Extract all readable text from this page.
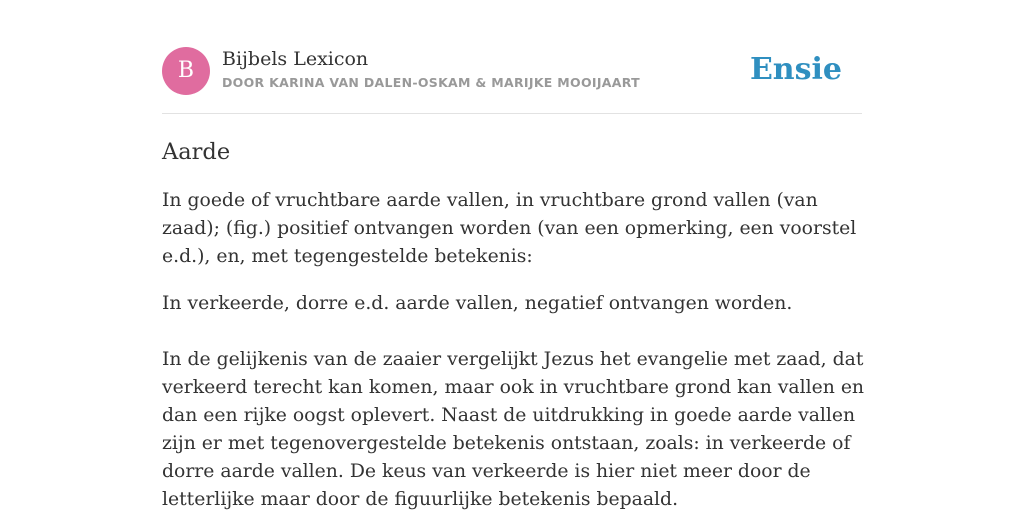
B	Bijbels Lexicon
DOOR KARINA VAN DALEN-OSKAM & MARIJKE MOOIJAART	Ensie
Aarde

In goede of vruchtbare aarde vallen, in vruchtbare grond vallen (van zaad); (fig.) positief ontvangen worden (van een opmerking, een voorstel e.d.), en, met tegengestelde betekenis:

In verkeerde, dorre e.d. aarde vallen, negatief ontvangen worden.

In de gelijkenis van de zaaier vergelijkt Jezus het evangelie met zaad, dat verkeerd terecht kan komen, maar ook in vruchtbare grond kan vallen en dan een rijke oogst oplevert. Naast de uitdrukking in goede aarde vallen zijn er met tegenovergestelde betekenis ontstaan, zoals: in verkeerde of dorre aarde vallen. De keus van verkeerde is hier niet meer door de letterlijke maar door de figuurlijke betekenis bepaald.
